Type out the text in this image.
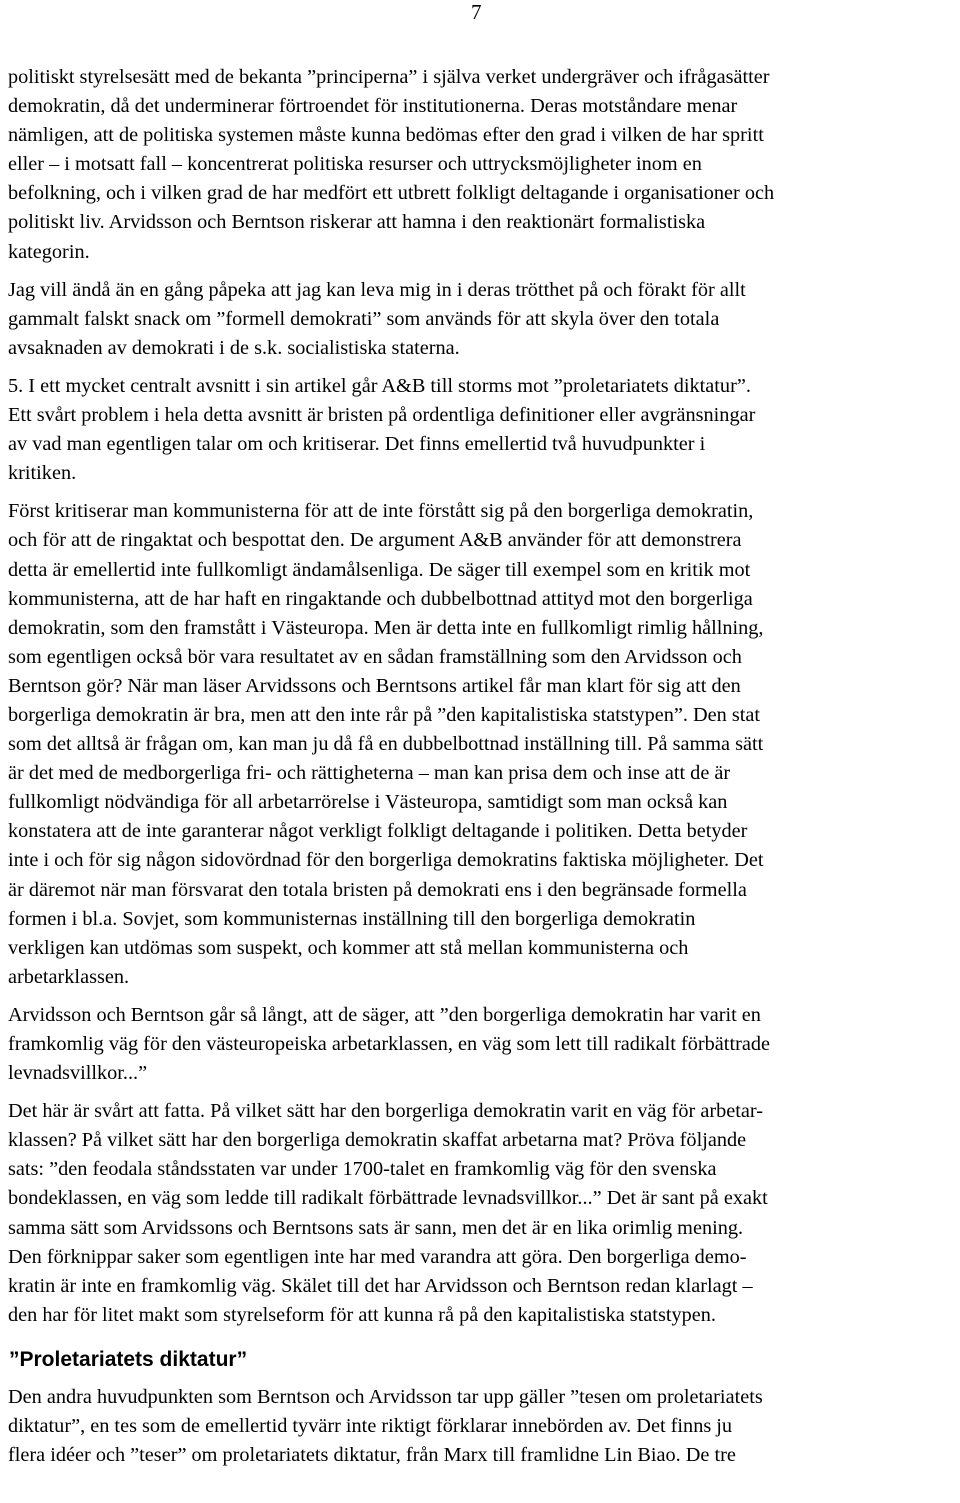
7

politiskt styrelsesätt med de bekanta ”principerna” i själva verket undergräver och ifrågasätter
demokratin, då det underminerar förtroendet för institutionerna. Deras motståndare menar
nämligen, att de politiska systemen måste kunna bedömas efter den grad i vilken de har spritt
eller – i motsatt fall – koncentrerat politiska resurser och uttrycksmöjligheter inom en
befolkning, och i vilken grad de har medfört ett utbrett folkligt deltagande i organisationer och
politiskt liv. Arvidsson och Berntson riskerar att hamna i den reaktionärt formalistiska
kategorin.

Jag vill ändå än en gång påpeka att jag kan leva mig in i deras trötthet på och förakt för allt
gammalt falskt snack om ”formell demokrati” som används för att skyla över den totala
avsaknaden av demokrati i de s.k. socialistiska staterna.

5. I ett mycket centralt avsnitt i sin artikel går A&B till storms mot ”proletariatets diktatur”.
Ett svårt problem i hela detta avsnitt är bristen på ordentliga definitioner eller avgränsningar
av vad man egentligen talar om och kritiserar. Det finns emellertid två huvudpunkter i
kritiken.

Först kritiserar man kommunisterna för att de inte förstått sig på den borgerliga demokratin,
och för att de ringaktat och bespottat den. De argument A&B använder för att demonstrera
detta är emellertid inte fullkomligt ändamålsenliga. De säger till exempel som en kritik mot
kommunisterna, att de har haft en ringaktande och dubbelbottnad attityd mot den borgerliga
demokratin, som den framstått i Västeuropa. Men är detta inte en fullkomligt rimlig hållning,
som egentligen också bör vara resultatet av en sådan framställning som den Arvidsson och
Berntson gör? När man läser Arvidssons och Berntsons artikel får man klart för sig att den
borgerliga demokratin är bra, men att den inte rår på ”den kapitalistiska statstypen”. Den stat
som det alltså är frågan om, kan man ju då få en dubbelbottnad inställning till. På samma sätt
är det med de medborgerliga fri- och rättigheterna – man kan prisa dem och inse att de är
fullkomligt nödvändiga för all arbetarrörelse i Västeuropa, samtidigt som man också kan
konstatera att de inte garanterar något verkligt folkligt deltagande i politiken. Detta betyder
inte i och för sig någon sidovördnad för den borgerliga demokratins faktiska möjligheter. Det
är däremot när man försvarat den totala bristen på demokrati ens i den begränsade formella
formen i bl.a. Sovjet, som kommunisternas inställning till den borgerliga demokratin
verkligen kan utdömas som suspekt, och kommer att stå mellan kommunisterna och
arbetarklassen.

Arvidsson och Berntson går så långt, att de säger, att ”den borgerliga demokratin har varit en
framkomlig väg för den västeuropeiska arbetarklassen, en väg som lett till radikalt förbättrade
levnadsvillkor...”

Det här är svårt att fatta. På vilket sätt har den borgerliga demokratin varit en väg för arbetar-
klassen? På vilket sätt har den borgerliga demokratin skaffat arbetarna mat? Pröva följande
sats: ”den feodala ståndsstaten var under 1700-talet en framkomlig väg för den svenska
bondeklassen, en väg som ledde till radikalt förbättrade levnadsvillkor...” Det är sant på exakt
samma sätt som Arvidssons och Berntsons sats är sann, men det är en lika orimlig mening.
Den förknippar saker som egentligen inte har med varandra att göra. Den borgerliga demo-
kratin är inte en framkomlig väg. Skälet till det har Arvidsson och Berntson redan klarlagt –
den har för litet makt som styrelseform för att kunna rå på den kapitalistiska statstypen.

”Proletariatets diktatur”

Den andra huvudpunkten som Berntson och Arvidsson tar upp gäller ”tesen om proletariatets
diktatur”, en tes som de emellertid tyvärr inte riktigt förklarar innebörden av. Det finns ju
flera idéer och ”teser” om proletariatets diktatur, från Marx till framlidne Lin Biao. De tre
